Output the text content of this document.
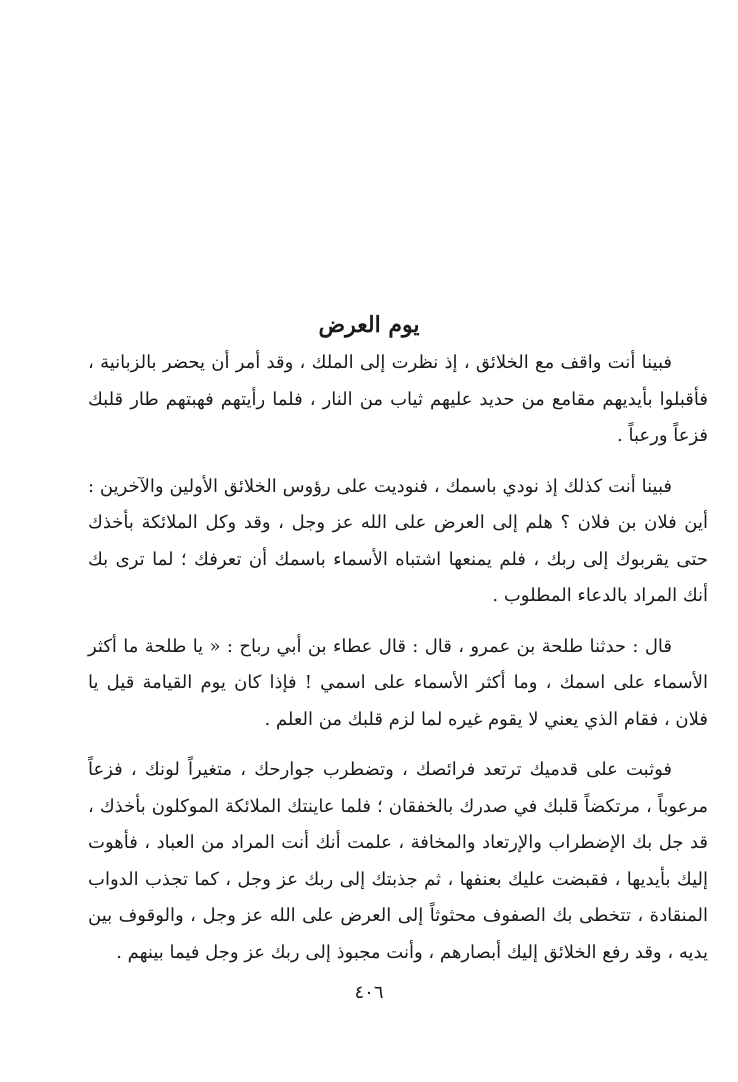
يوم العرض

فبينا أنت واقف مع الخلائق ، إذ نظرت إلى الملك ، وقد أمر أن يحضر بالزبانية ، فأقبلوا بأيديهم مقامع من حديد عليهم ثياب من النار ، فلما رأيتهم فهبتهم طار قلبك فزعاً ورعباً .

فبينا أنت كذلك إذ نودي باسمك ، فنوديت على رؤوس الخلائق الأولين والآخرين : أين فلان بن فلان ؟ هلم إلى العرض على الله عز وجل ، وقد وكل الملائكة بأخذك حتى يقربوك إلى ربك ، فلم يمنعها اشتباه الأسماء باسمك أن تعرفك ؛ لما ترى بك أنك المراد بالدعاء المطلوب .

قال : حدثنا طلحة بن عمرو ، قال : قال عطاء بن أبي رباح : « يا طلحة ما أكثر الأسماء على اسمك ، وما أكثر الأسماء على اسمي ! فإذا كان يوم القيامة قيل يا فلان ، فقام الذي يعني لا يقوم غيره لما لزم قلبك من العلم .

فوثبت على قدميك ترتعد فرائصك ، وتضطرب جوارحك ، متغيراً لونك ، فزعاً مرعوباً ، مرتكضاً قلبك في صدرك بالخفقان ؛ فلما عاينتك الملائكة الموكلون بأخذك ، قد جل بك الإضطراب والإرتعاد والمخافة ، علمت أنك أنت المراد من العباد ، فأهوت إليك بأيديها ، فقبضت عليك بعنفها ، ثم جذبتك إلى ربك عز وجل ، كما تجذب الدواب المنقادة ، تتخطى بك الصفوف محثوثاً إلى العرض على الله عز وجل ، والوقوف بين يديه ، وقد رفع الخلائق إليك أبصارهم ، وأنت مجبوذ إلى ربك عز وجل فيما بينهم .

٤٠٦
